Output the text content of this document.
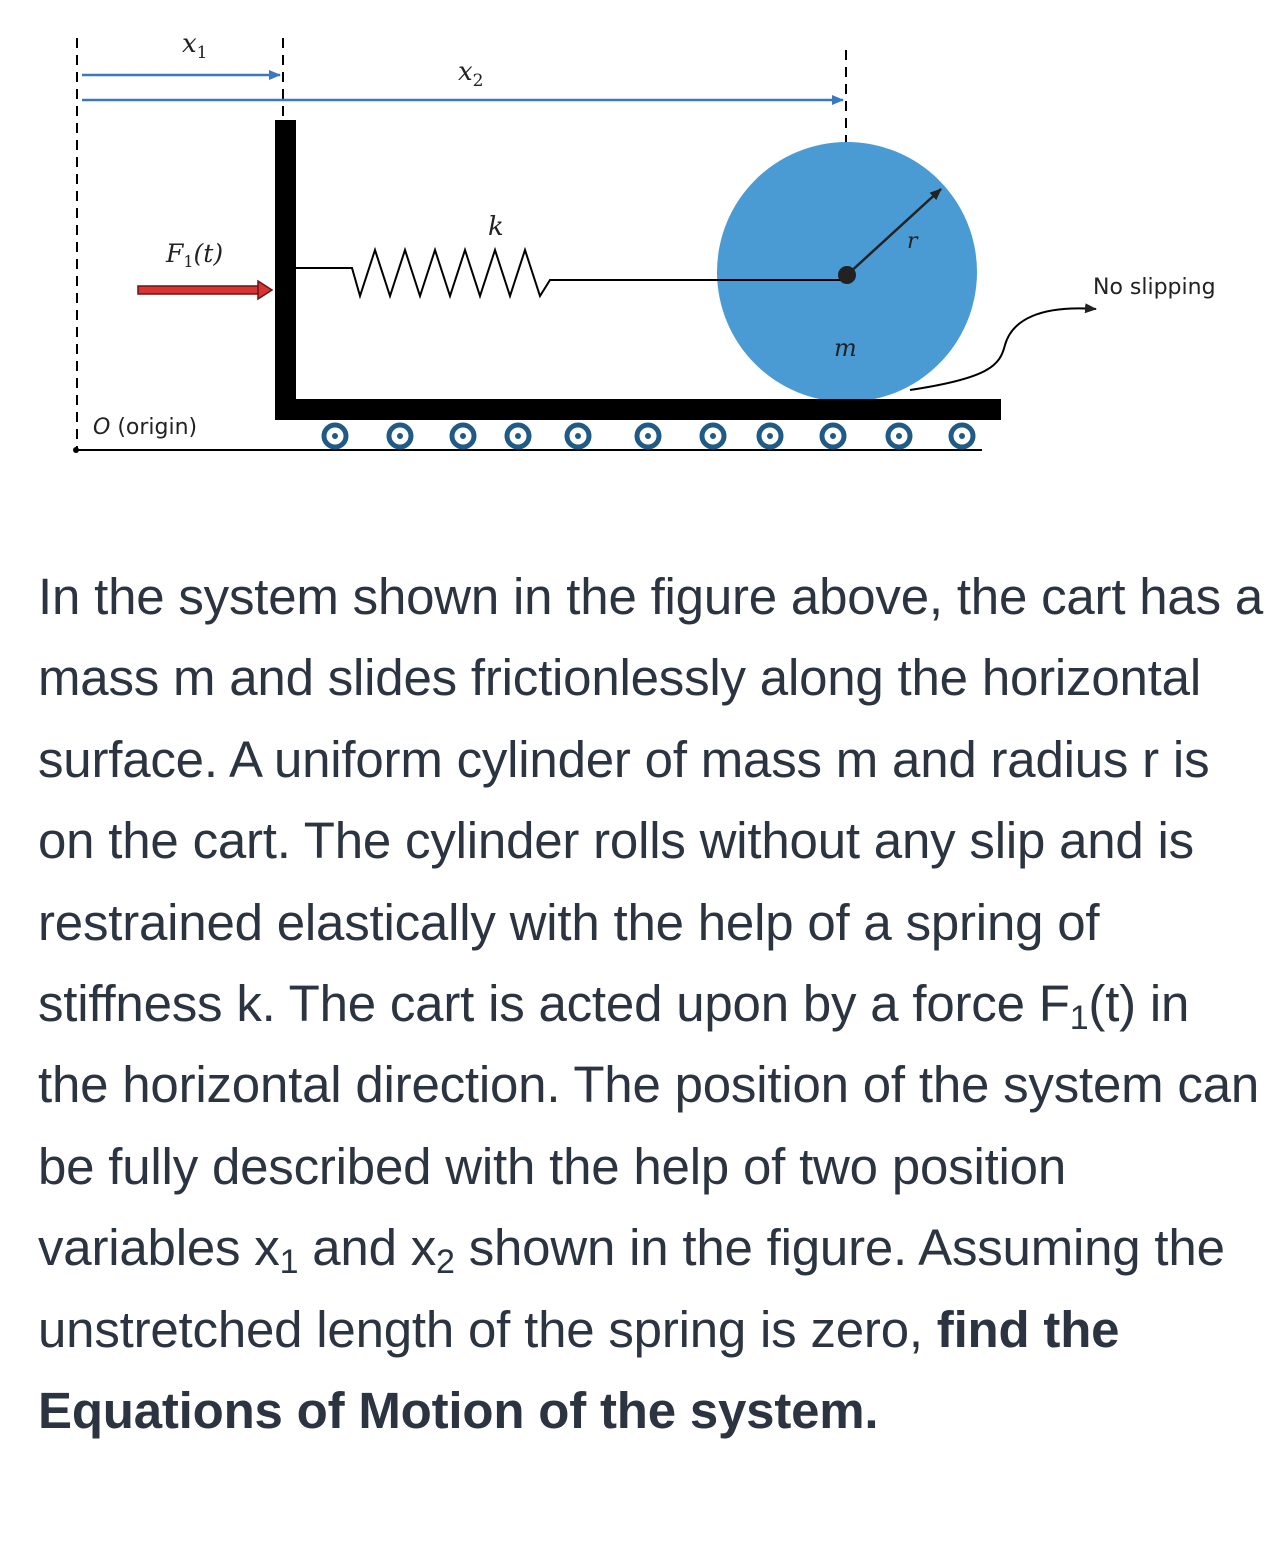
$x_1$
$x_2$
k	r
m
$F_1(t)$
No slipping
O (origin)

In the system shown in the figure above, the cart has a mass m and slides frictionlessly along the horizontal surface. A uniform cylinder of mass m and radius r is on the cart. The cylinder rolls without any slip and is restrained elastically with the help of a spring of stiffness k. The cart is acted upon by a force $F_1(t)$ in the horizontal direction. The position of the system can be fully described with the help of two position variables $x_1$ and $x_2$ shown in the figure. Assuming the unstretched length of the spring is zero, find the Equations of Motion of the system.
